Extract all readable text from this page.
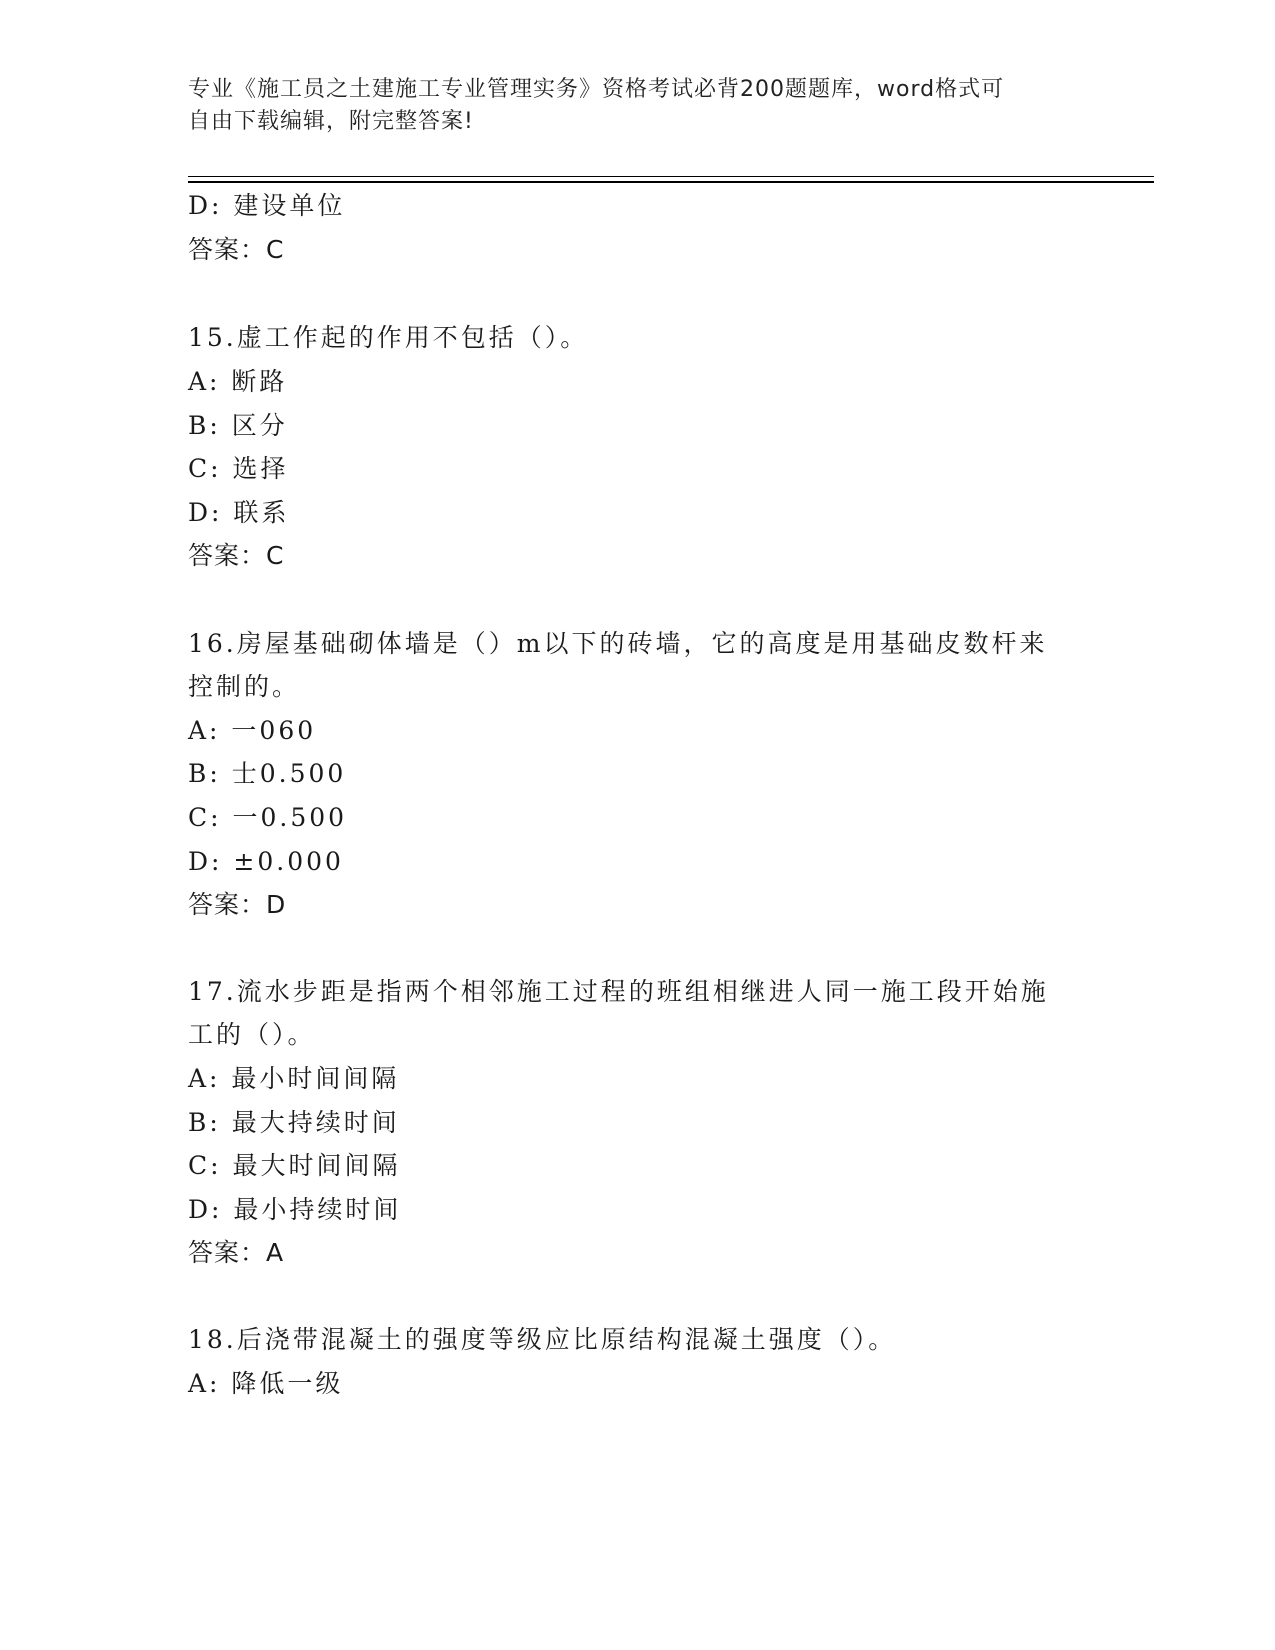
专业《施工员之土建施工专业管理实务》资格考试必背200题题库，word格式可
自由下载编辑，附完整答案!
D: 建设单位
答案：C
15.虚工作起的作用不包括（）。
A: 断路
B: 区分
C: 选择
D: 联系
答案：C
16.房屋基础砌体墙是（）m以下的砖墙，它的高度是用基础皮数杆来
控制的。
A: 一060
B: 士0.500
C: 一0.500
D: ±0.000
答案：D
17.流水步距是指两个相邻施工过程的班组相继进人同一施工段开始施
工的（）。
A: 最小时间间隔
B: 最大持续时间
C: 最大时间间隔
D: 最小持续时间
答案：A
18.后浇带混凝土的强度等级应比原结构混凝土强度（）。
A: 降低一级
